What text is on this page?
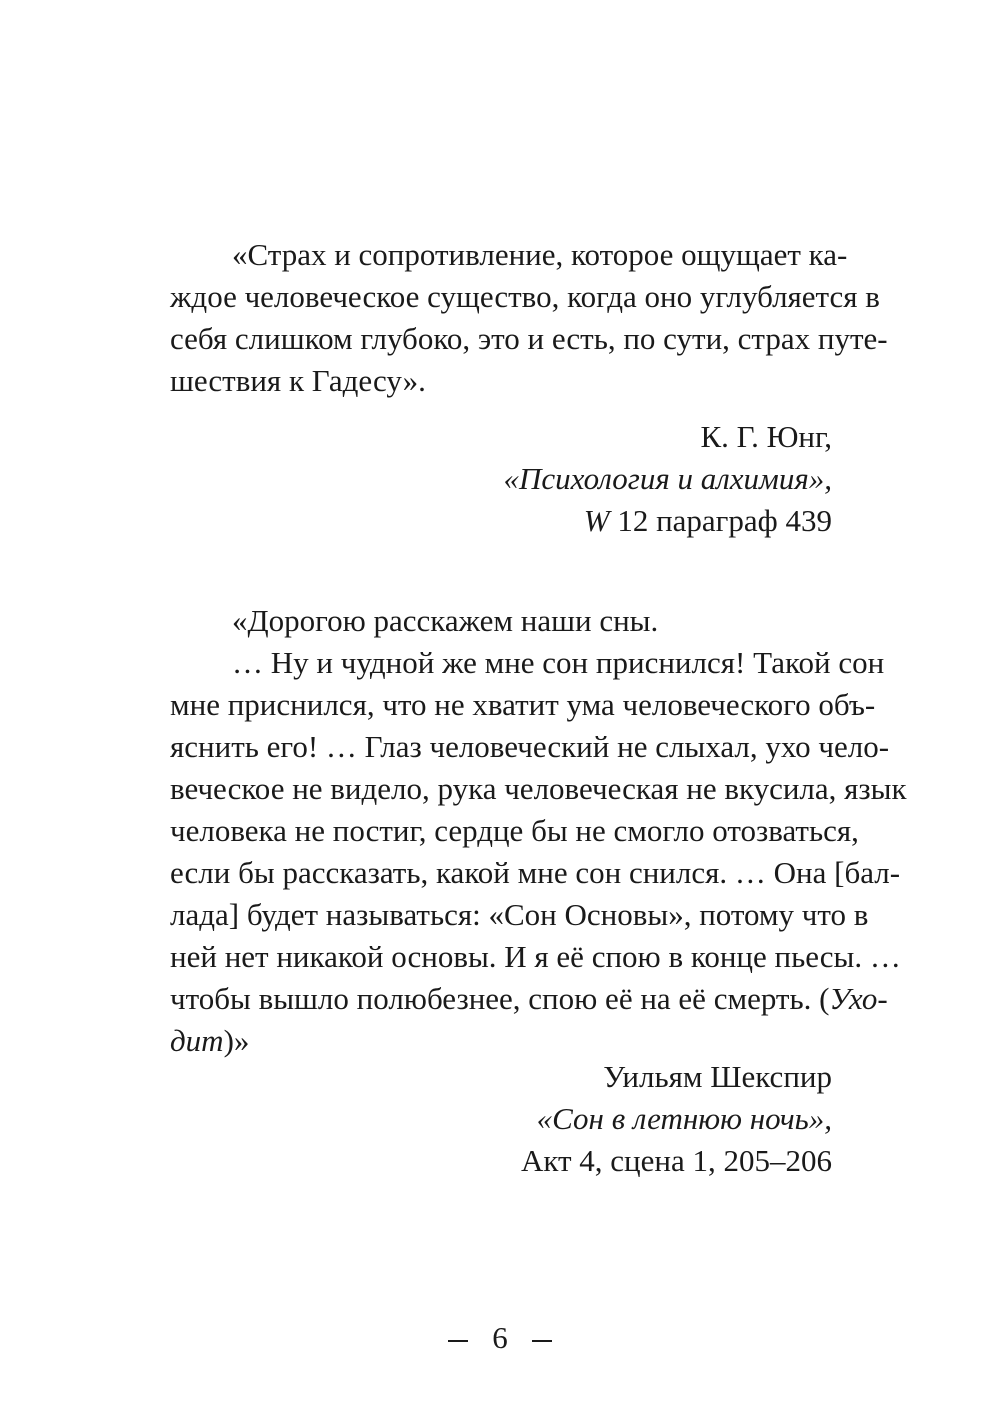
«Страх и сопротивление, которое ощущает ка-
ждое человеческое существо, когда оно углубляется в
себя слишком глубоко, это и есть, по сути, страх путе-
шествия к Гадесу».
К. Г. Юнг,
«Психология и алхимия»,
W 12 параграф 439
«Дорогою расскажем наши сны.
… Ну и чудной же мне сон приснился! Такой сон
мне приснился, что не хватит ума человеческого объ-
яснить его! … Глаз человеческий не слыхал, ухо чело-
веческое не видело, рука человеческая не вкусила, язык
человека не постиг, сердце бы не смогло отозваться,
если бы рассказать, какой мне сон снился. … Она [бал-
лада] будет называться: «Сон Основы», потому что в
ней нет никакой основы. И я её спою в конце пьесы. …
чтобы вышло полюбезнее, спою её на её смерть. (Ухо-
дит)»
Уильям Шекспир
«Сон в летнюю ночь»,
Акт 4, сцена 1, 205–206
6
